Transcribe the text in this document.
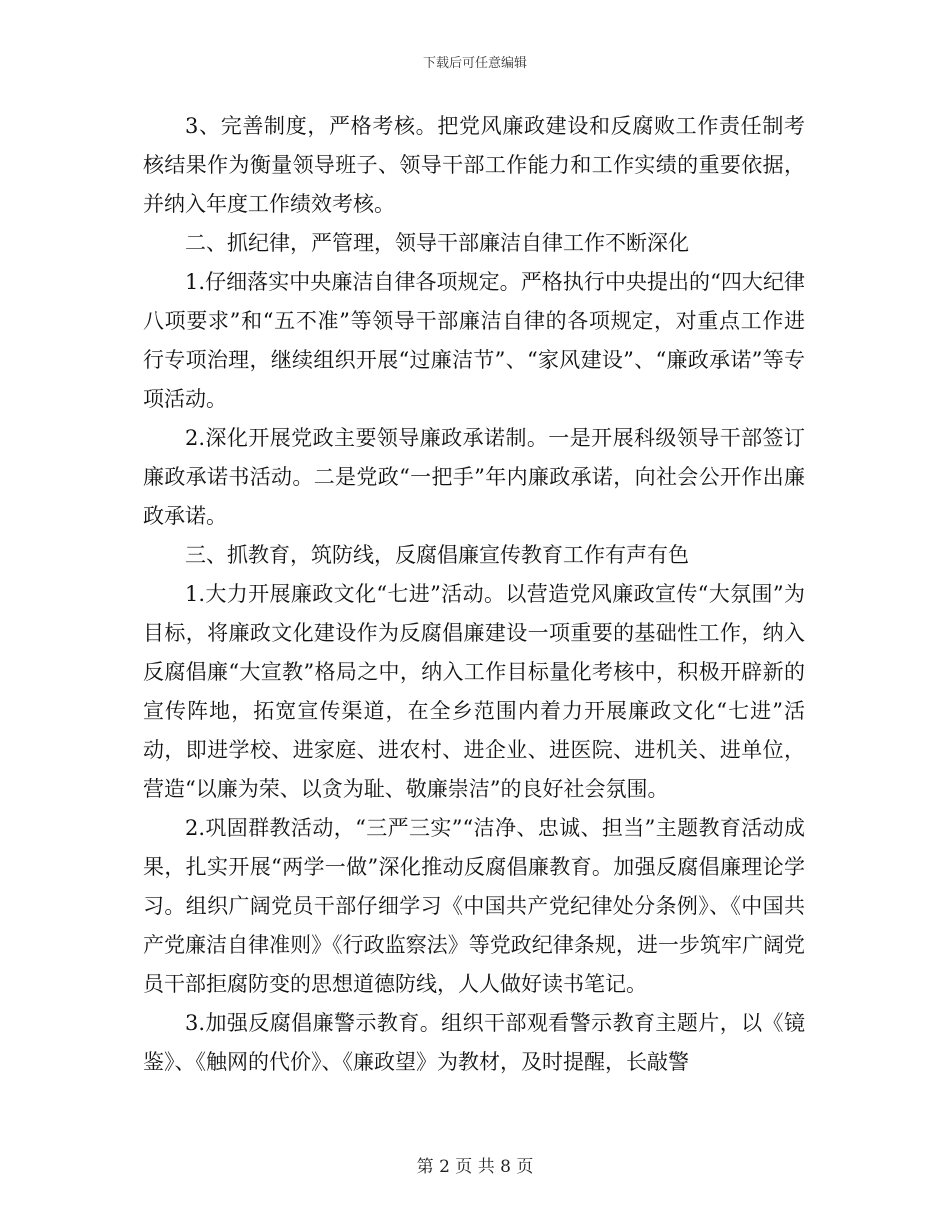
下载后可任意编辑

3、完善制度，严格考核。把党风廉政建设和反腐败工作责任制考核结果作为衡量领导班子、领导干部工作能力和工作实绩的重要依据，并纳入年度工作绩效考核。

二、抓纪律，严管理，领导干部廉洁自律工作不断深化

1.仔细落实中央廉洁自律各项规定。严格执行中央提出的“四大纪律八项要求”和“五不准”等领导干部廉洁自律的各项规定，对重点工作进行专项治理，继续组织开展“过廉洁节”、“家风建设”、“廉政承诺”等专项活动。

2.深化开展党政主要领导廉政承诺制。一是开展科级领导干部签订廉政承诺书活动。二是党政“一把手”年内廉政承诺，向社会公开作出廉政承诺。

三、抓教育，筑防线，反腐倡廉宣传教育工作有声有色

1.大力开展廉政文化“七进”活动。以营造党风廉政宣传“大氛围”为目标，将廉政文化建设作为反腐倡廉建设一项重要的基础性工作，纳入反腐倡廉“大宣教”格局之中，纳入工作目标量化考核中，积极开辟新的宣传阵地，拓宽宣传渠道，在全乡范围内着力开展廉政文化“七进”活动，即进学校、进家庭、进农村、进企业、进医院、进机关、进单位，营造“以廉为荣、以贪为耻、敬廉崇洁”的良好社会氛围。

2.巩固群教活动，“三严三实”“洁净、忠诚、担当”主题教育活动成果，扎实开展“两学一做”深化推动反腐倡廉教育。加强反腐倡廉理论学习。组织广阔党员干部仔细学习《中国共产党纪律处分条例》、《中国共产党廉洁自律准则》《行政监察法》等党政纪律条规，进一步筑牢广阔党员干部拒腐防变的思想道德防线，人人做好读书笔记。

3.加强反腐倡廉警示教育。组织干部观看警示教育主题片，以《镜鉴》、《触网的代价》、《廉政望》为教材，及时提醒，长敲警

第 2 页 共 8 页
